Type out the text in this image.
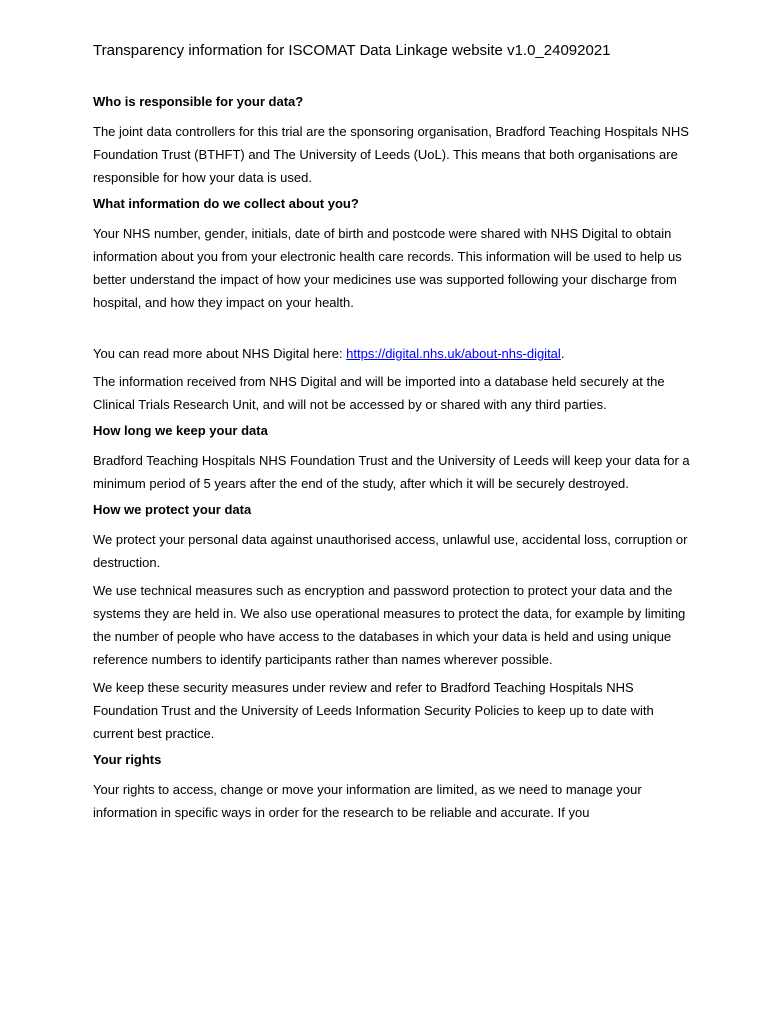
Transparency information for ISCOMAT Data Linkage website v1.0_24092021
Who is responsible for your data?
The joint data controllers for this trial are the sponsoring organisation, Bradford Teaching Hospitals NHS Foundation Trust (BTHFT) and The University of Leeds (UoL). This means that both organisations are responsible for how your data is used.
What information do we collect about you?
Your NHS number, gender, initials, date of birth and postcode were shared with NHS Digital to obtain information about you from your electronic health care records. This information will be used to help us better understand the impact of how your medicines use was supported following your discharge from hospital, and how they impact on your health.
You can read more about NHS Digital here: https://digital.nhs.uk/about-nhs-digital.
The information received from NHS Digital and will be imported into a database held securely at the Clinical Trials Research Unit, and will not be accessed by or shared with any third parties.
How long we keep your data
Bradford Teaching Hospitals NHS Foundation Trust and the University of Leeds will keep your data for a minimum period of 5 years after the end of the study, after which it will be securely destroyed.
How we protect your data
We protect your personal data against unauthorised access, unlawful use, accidental loss, corruption or destruction.
We use technical measures such as encryption and password protection to protect your data and the systems they are held in. We also use operational measures to protect the data, for example by limiting the number of people who have access to the databases in which your data is held and using unique reference numbers to identify participants rather than names wherever possible.
We keep these security measures under review and refer to Bradford Teaching Hospitals NHS Foundation Trust and the University of Leeds Information Security Policies to keep up to date with current best practice.
Your rights
Your rights to access, change or move your information are limited, as we need to manage your information in specific ways in order for the research to be reliable and accurate. If you
